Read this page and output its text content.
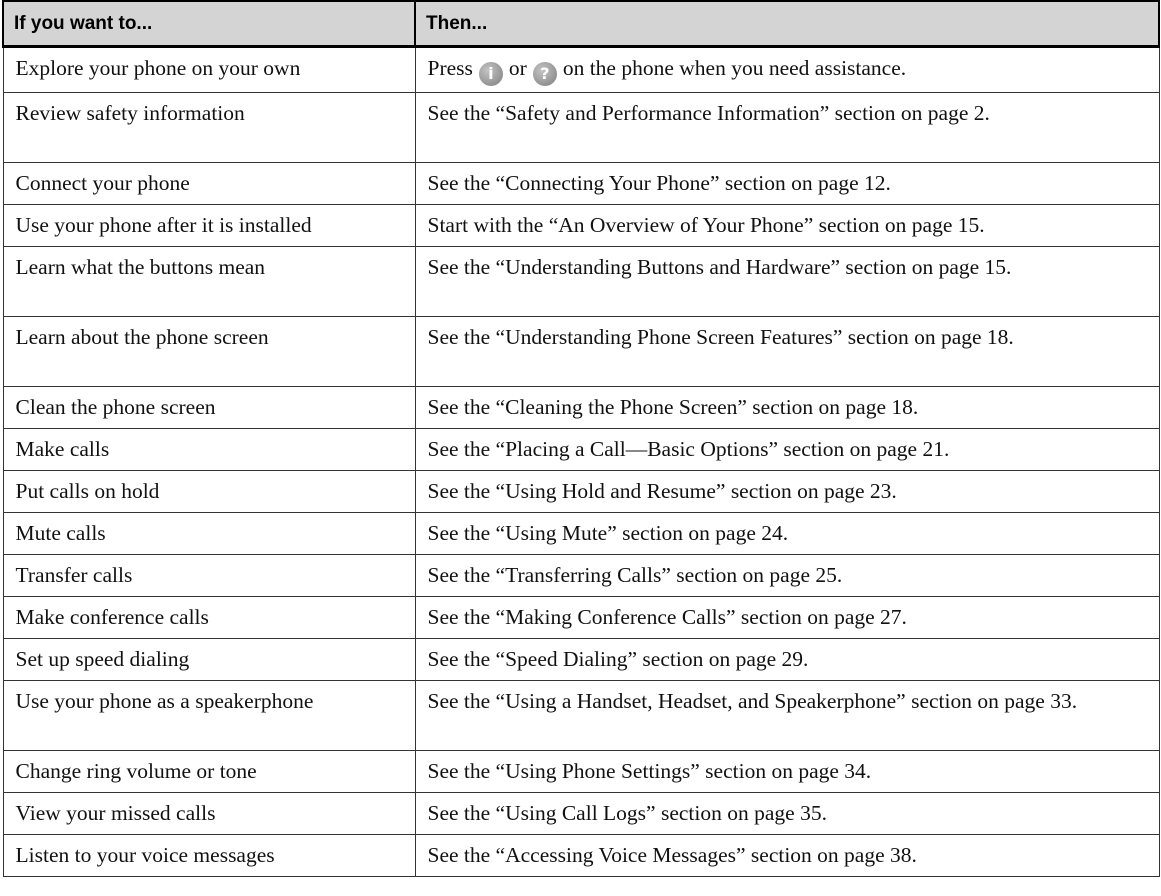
If you want to...	Then...
Explore your phone on your own	Press i or ? on the phone when you need assistance.
Review safety information	See the “Safety and Performance Information” section on page 2.
Connect your phone	See the “Connecting Your Phone” section on page 12.
Use your phone after it is installed	Start with the “An Overview of Your Phone” section on page 15.
Learn what the buttons mean	See the “Understanding Buttons and Hardware” section on page 15.
Learn about the phone screen	See the “Understanding Phone Screen Features” section on page 18.
Clean the phone screen	See the “Cleaning the Phone Screen” section on page 18.
Make calls	See the “Placing a Call—Basic Options” section on page 21.
Put calls on hold	See the “Using Hold and Resume” section on page 23.
Mute calls	See the “Using Mute” section on page 24.
Transfer calls	See the “Transferring Calls” section on page 25.
Make conference calls	See the “Making Conference Calls” section on page 27.
Set up speed dialing	See the “Speed Dialing” section on page 29.
Use your phone as a speakerphone	See the “Using a Handset, Headset, and Speakerphone” section on page 33.
Change ring volume or tone	See the “Using Phone Settings” section on page 34.
View your missed calls	See the “Using Call Logs” section on page 35.
Listen to your voice messages	See the “Accessing Voice Messages” section on page 38.
